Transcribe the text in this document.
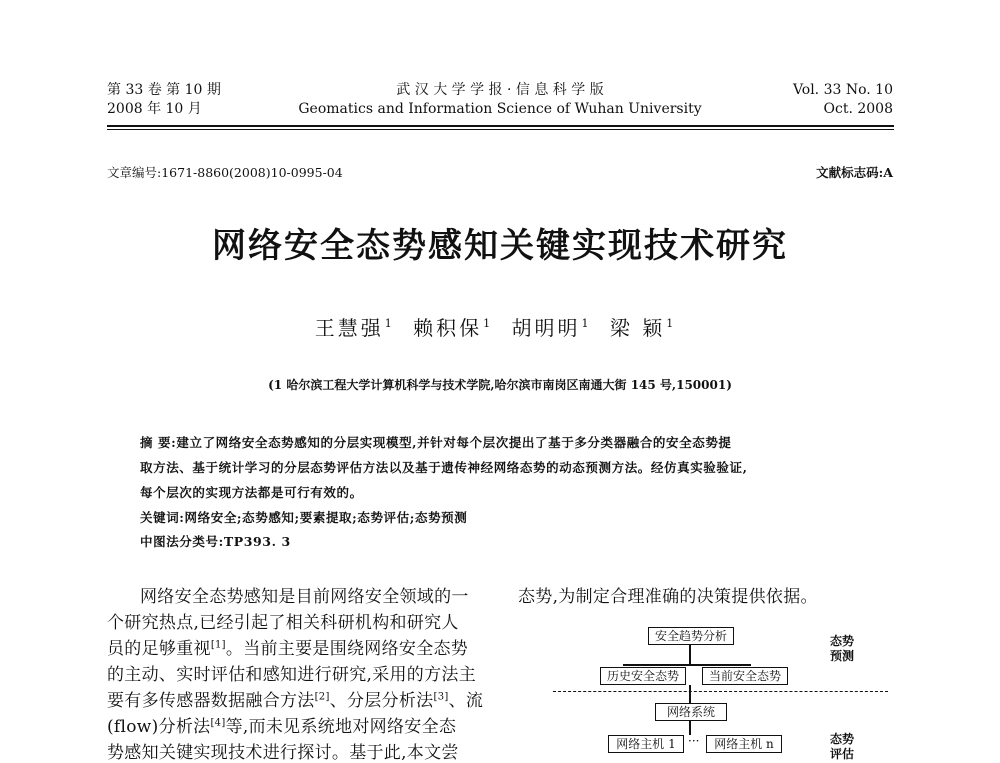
第 33 卷 第 10 期
2008 年 10 月
武 汉 大 学 学 报 · 信 息 科 学 版
Geomatics and Information Science of Wuhan University
Vol. 33 No. 10
Oct. 2008
文章编号:1671-8860(2008)10-0995-04	文献标志码:A
网络安全态势感知关键实现技术研究
王慧强$^1$ 赖积保$^1$ 胡明明$^1$ 梁 颖$^1$
(1 哈尔滨工程大学计算机科学与技术学院,哈尔滨市南岗区南通大街 145 号,150001)
摘 要:建立了网络安全态势感知的分层实现模型,并针对每个层次提出了基于多分类器融合的安全态势提
取方法、基于统计学习的分层态势评估方法以及基于遗传神经网络态势的动态预测方法。经仿真实验验证,
每个层次的实现方法都是可行有效的。
关键词:网络安全;态势感知;要素提取;态势评估;态势预测
中图法分类号:TP393. 3
网络安全态势感知是目前网络安全领域的一
个研究热点,已经引起了相关科研机构和研究人
员的足够重视[1]。当前主要是围绕网络安全态势
的主动、实时评估和感知进行研究,采用的方法主
要有多传感器数据融合方法[2]、分层分析法[3]、流
(flow)分析法[4]等,而未见系统地对网络安全态
势感知关键实现技术进行探讨。基于此,本文尝
态势,为制定合理准确的决策提供依据。
安全趋势分析
历史安全态势	当前安全态势
网络系统
网络主机 1	···	网络主机 n
态势
预测
态势
评估
